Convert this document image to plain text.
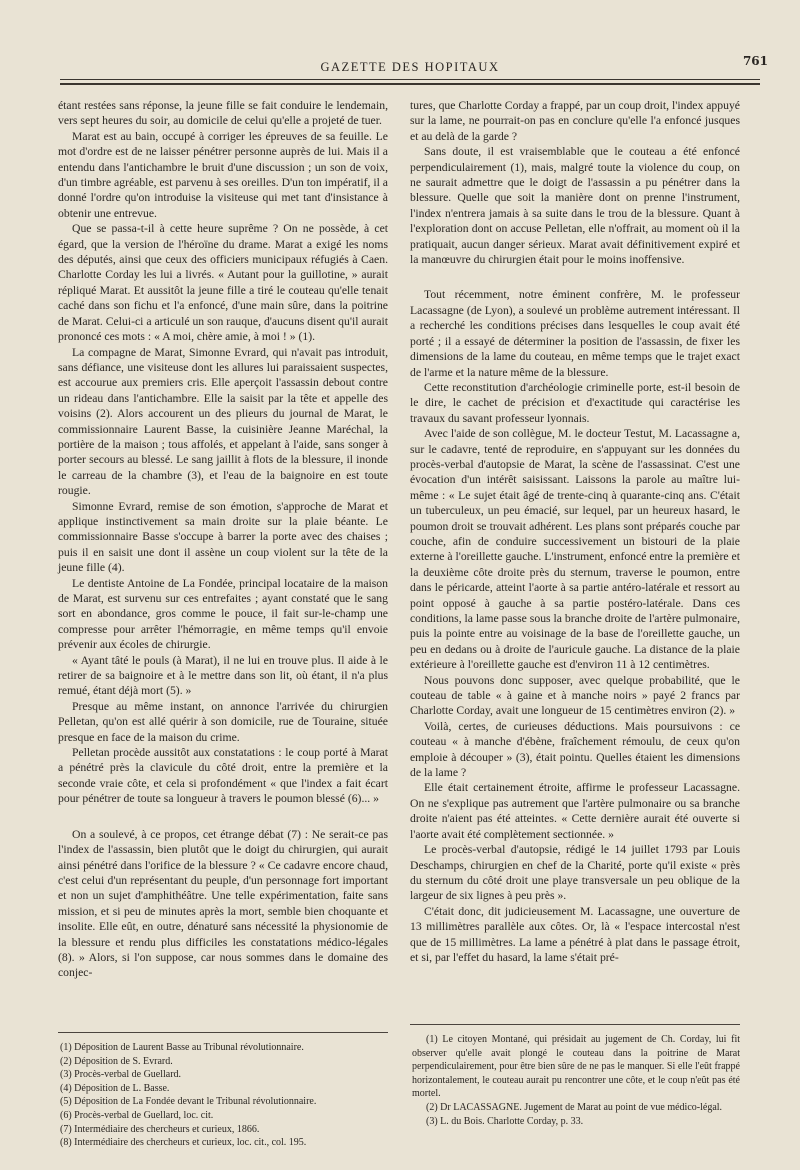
GAZETTE DES HOPITAUX	761

étant restées sans réponse, la jeune fille se fait conduire le lendemain, vers sept heures du soir, au domicile de celui qu'elle a projeté de tuer.

Marat est au bain, occupé à corriger les épreuves de sa feuille. Le mot d'ordre est de ne laisser pénétrer personne auprès de lui. Mais il a entendu dans l'antichambre le bruit d'une discussion ; un son de voix, d'un timbre agréable, est parvenu à ses oreilles. D'un ton impératif, il a donné l'ordre qu'on introduise la visiteuse qui met tant d'insistance à obtenir une entrevue.

Que se passa-t-il à cette heure suprême ? On ne possède, à cet égard, que la version de l'héroïne du drame. Marat a exigé les noms des députés, ainsi que ceux des officiers municipaux réfugiés à Caen. Charlotte Corday les lui a livrés. « Autant pour la guillotine, » aurait répliqué Marat. Et aussitôt la jeune fille a tiré le couteau qu'elle tenait caché dans son fichu et l'a enfoncé, d'une main sûre, dans la poitrine de Marat. Celui-ci a articulé un son rauque, d'aucuns disent qu'il aurait prononcé ces mots : « A moi, chère amie, à moi ! » (1).

La compagne de Marat, Simonne Evrard, qui n'avait pas introduit, sans défiance, une visiteuse dont les allures lui paraissaient suspectes, est accourue aux premiers cris. Elle aperçoit l'assassin debout contre un rideau dans l'antichambre. Elle la saisit par la tête et appelle des voisins (2). Alors accourent un des plieurs du journal de Marat, le commissionnaire Laurent Basse, la cuisinière Jeanne Maréchal, la portière de la maison ; tous affolés, et appelant à l'aide, sans songer à porter secours au blessé. Le sang jaillit à flots de la blessure, il inonde le carreau de la chambre (3), et l'eau de la baignoire en est toute rougie.

Simonne Evrard, remise de son émotion, s'approche de Marat et applique instinctivement sa main droite sur la plaie béante. Le commissionnaire Basse s'occupe à barrer la porte avec des chaises ; puis il en saisit une dont il assène un coup violent sur la tête de la jeune fille (4).

Le dentiste Antoine de La Fondée, principal locataire de la maison de Marat, est survenu sur ces entrefaites ; ayant constaté que le sang sort en abondance, gros comme le pouce, il fait sur-le-champ une compresse pour arrêter l'hémorragie, en même temps qu'il envoie prévenir aux écoles de chirurgie.

« Ayant tâté le pouls (à Marat), il ne lui en trouve plus. Il aide à le retirer de sa baignoire et à le mettre dans son lit, où étant, il n'a plus remué, étant déjà mort (5). »

Presque au même instant, on annonce l'arrivée du chirurgien Pelletan, qu'on est allé quérir à son domicile, rue de Touraine, située presque en face de la maison du crime.

Pelletan procède aussitôt aux constatations : le coup porté à Marat a pénétré près la clavicule du côté droit, entre la première et la seconde vraie côte, et cela si profondément « que l'index a fait écart pour pénétrer de toute sa longueur à travers le poumon blessé (6)... »

On a soulevé, à ce propos, cet étrange débat (7) : Ne serait-ce pas l'index de l'assassin, bien plutôt que le doigt du chirurgien, qui aurait ainsi pénétré dans l'orifice de la blessure ? « Ce cadavre encore chaud, c'est celui d'un représentant du peuple, d'un personnage fort important et non un sujet d'amphithéâtre. Une telle expérimentation, faite sans mission, et si peu de minutes après la mort, semble bien choquante et insolite. Elle eût, en outre, dénaturé sans nécessité la physionomie de la blessure et rendu plus difficiles les constatations médico-légales (8). » Alors, si l'on suppose, car nous sommes dans le domaine des conjec-

tures, que Charlotte Corday a frappé, par un coup droit, l'index appuyé sur la lame, ne pourrait-on pas en conclure qu'elle l'a enfoncé jusques et au delà de la garde ?

Sans doute, il est vraisemblable que le couteau a été enfoncé perpendiculairement (1), mais, malgré toute la violence du coup, on ne saurait admettre que le doigt de l'assassin a pu pénétrer dans la blessure. Quelle que soit la manière dont on prenne l'instrument, l'index n'entrera jamais à sa suite dans le trou de la blessure. Quant à l'exploration dont on accuse Pelletan, elle n'offrait, au moment où il la pratiquait, aucun danger sérieux. Marat avait définitivement expiré et la manœuvre du chirurgien était pour le moins inoffensive.

Tout récemment, notre éminent confrère, M. le professeur Lacassagne (de Lyon), a soulevé un problème autrement intéressant. Il a recherché les conditions précises dans lesquelles le coup avait été porté ; il a essayé de déterminer la position de l'assassin, de fixer les dimensions de la lame du couteau, en même temps que le trajet exact de l'arme et la nature même de la blessure.

Cette reconstitution d'archéologie criminelle porte, est-il besoin de le dire, le cachet de précision et d'exactitude qui caractérise les travaux du savant professeur lyonnais.

Avec l'aide de son collègue, M. le docteur Testut, M. Lacassagne a, sur le cadavre, tenté de reproduire, en s'appuyant sur les données du procès-verbal d'autopsie de Marat, la scène de l'assassinat. C'est une évocation d'un intérêt saisissant. Laissons la parole au maître lui-même : « Le sujet était âgé de trente-cinq à quarante-cinq ans. C'était un tuberculeux, un peu émacié, sur lequel, par un heureux hasard, le poumon droit se trouvait adhérent. Les plans sont préparés couche par couche, afin de conduire successivement un bistouri de la plaie externe à l'oreillette gauche. L'instrument, enfoncé entre la première et la deuxième côte droite près du sternum, traverse le poumon, entre dans le péricarde, atteint l'aorte à sa partie antéro-latérale et ressort au point opposé à gauche à sa partie postéro-latérale. Dans ces conditions, la lame passe sous la branche droite de l'artère pulmonaire, puis la pointe entre au voisinage de la base de l'oreillette gauche, un peu en dedans ou à droite de l'auricule gauche. La distance de la plaie extérieure à l'oreillette gauche est d'environ 11 à 12 centimètres.

Nous pouvons donc supposer, avec quelque probabilité, que le couteau de table « à gaine et à manche noirs » payé 2 francs par Charlotte Corday, avait une longueur de 15 centimètres environ (2). »

Voilà, certes, de curieuses déductions. Mais poursuivons : ce couteau « à manche d'ébène, fraîchement rémoulu, de ceux qu'on emploie à découper » (3), était pointu. Quelles étaient les dimensions de la lame ?

Elle était certainement étroite, affirme le professeur Lacassagne. On ne s'explique pas autrement que l'artère pulmonaire ou sa branche droite n'aient pas été atteintes. « Cette dernière aurait été ouverte si l'aorte avait été complètement sectionnée. »

Le procès-verbal d'autopsie, rédigé le 14 juillet 1793 par Louis Deschamps, chirurgien en chef de la Charité, porte qu'il existe « près du sternum du côté droit une playe transversale un peu oblique de la largeur de six lignes à peu près ».

C'était donc, dit judicieusement M. Lacassagne, une ouverture de 13 millimètres parallèle aux côtes. Or, là « l'espace intercostal n'est que de 15 millimètres. La lame a pénétré à plat dans le passage étroit, et si, par l'effet du hasard, la lame s'était pré-

(1) Déposition de Laurent Basse au Tribunal révolutionnaire.

(2) Déposition de S. Evrard.

(3) Procès-verbal de Guellard.

(4) Déposition de L. Basse.

(5) Déposition de La Fondée devant le Tribunal révolutionnaire.

(6) Procès-verbal de Guellard, loc. cit.

(7) Intermédiaire des chercheurs et curieux, 1866.

(8) Intermédiaire des chercheurs et curieux, loc. cit., col. 195.

(1) Le citoyen Montané, qui présidait au jugement de Ch. Corday, lui fit observer qu'elle avait plongé le couteau dans la poitrine de Marat perpendiculairement, pour être bien sûre de ne pas le manquer. Si elle l'eût frappé horizontalement, le couteau aurait pu rencontrer une côte, et le coup n'eût pas été mortel.

(2) Dr LACASSAGNE. Jugement de Marat au point de vue médico-légal.

(3) L. du Bois. Charlotte Corday, p. 33.
